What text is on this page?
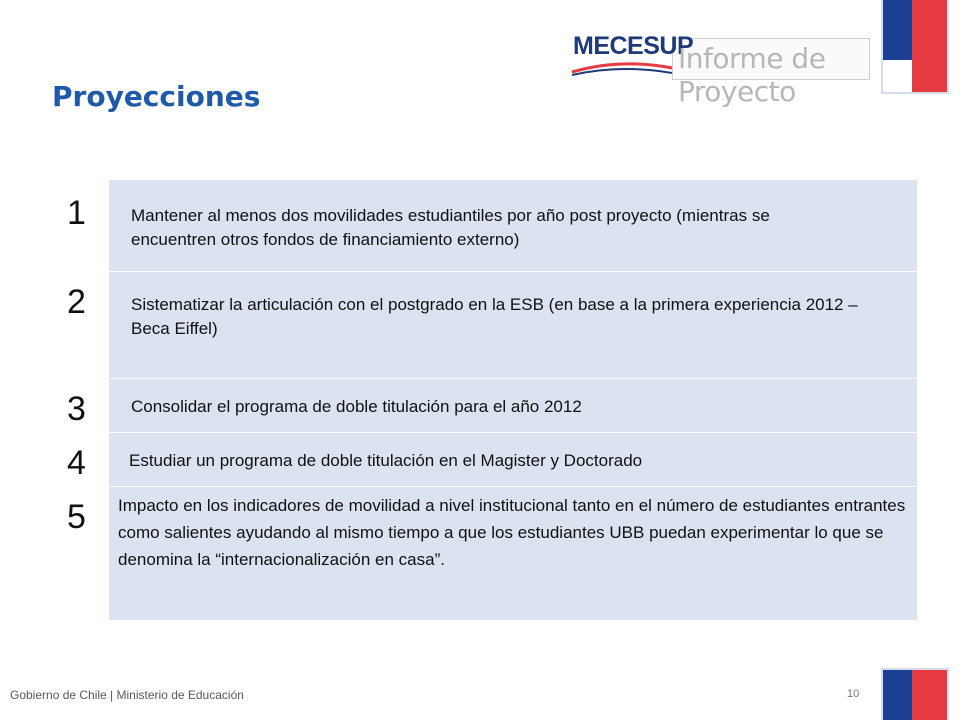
MECESUP
Informe de Proyecto
Proyecciones
1
2
3
4
5
Mantener al menos dos movilidades estudiantiles por año post proyecto (mientras se encuentren otros fondos de financiamiento externo)
Sistematizar la articulación con el postgrado en la ESB (en base a la primera experiencia 2012 – Beca Eiffel)
Consolidar el programa de doble titulación para el año 2012
Estudiar un programa de doble titulación en el Magister y Doctorado
Impacto en los indicadores de movilidad a nivel institucional tanto en el número de estudiantes entrantes como salientes ayudando al mismo tiempo a que los estudiantes UBB puedan experimentar lo que se denomina la “internacionalización en casa”.
Gobierno de Chile | Ministerio de Educación	10
